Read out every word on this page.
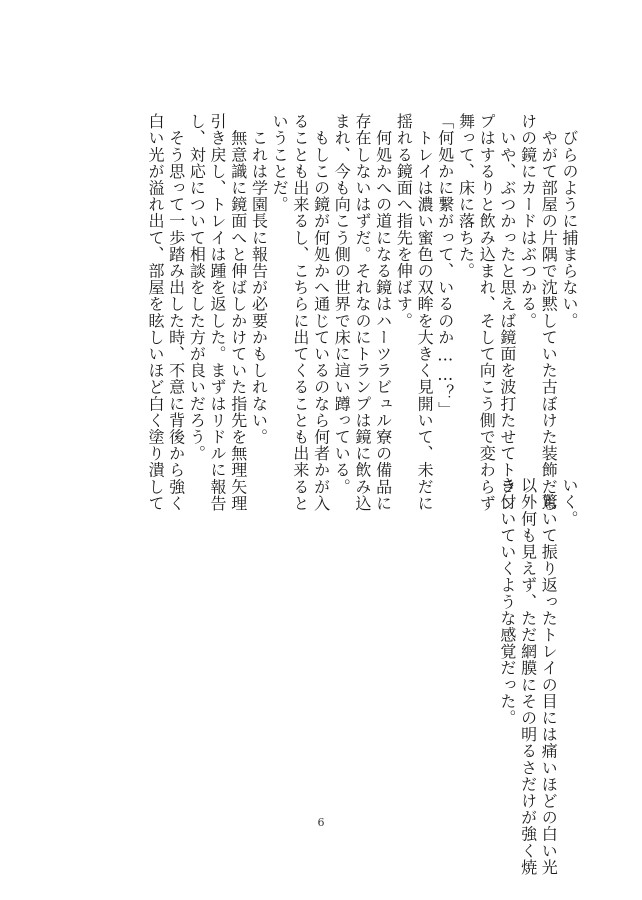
　びらのように捕まらない。
　やがて部屋の片隅で沈黙していた古ぼけた装飾だら
けの鏡にカードはぶつかる。
　いや、ぶつかったと思えば鏡面を波打たせてトラン
プはするりと飲み込まれ、そして向こう側で変わらず
舞って、床に落ちた。
「何処かに繋がって、いるのか……？」
　トレイは濃い蜜色の双眸を大きく見開いて、未だに
揺れる鏡面へ指先を伸ばす。
　何処かへの道になる鏡はハーツラビュル寮の備品に
存在しないはずだ。それなのにトランプは鏡に飲み込
まれ、今も向こう側の世界で床に這い蹲っている。
　もしこの鏡が何処かへ通じているのなら何者かが入
ることも出来るし、こちらに出てくることも出来ると
いうことだ。
　これは学園長に報告が必要かもしれない。
　無意識に鏡面へと伸ばしかけていた指先を無理矢理
引き戻し、トレイは踵を返した。まずはリドルに報告
し、対応について相談をした方が良いだろう。
　そう思って一歩踏み出した時、不意に背後から強く
白い光が溢れ出て、部屋を眩しいほど白く塗り潰して	いく。
　驚いて振り返ったトレイの目には痛いほどの白い光
以外何も見えず、ただ網膜にその明るさだけが強く焼
き付いていくような感覚だった。
6
